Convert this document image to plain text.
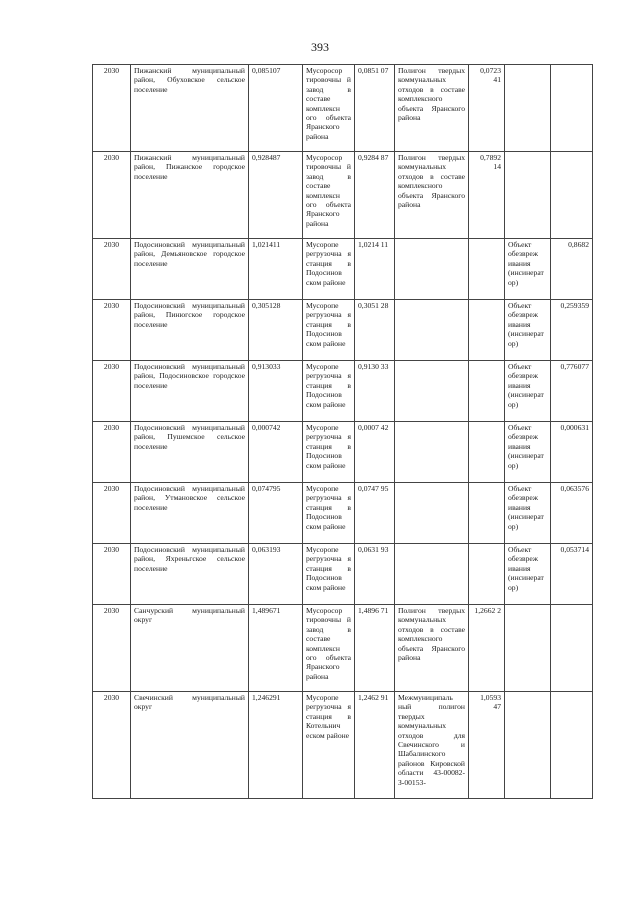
393
2030	Пижанский муниципальный район, Обуховское сельское поселение	0,085107	Мусоросор тировочны й завод в составе комплексн ого объекта Яранского района	0,0851 07	Полигон твердых коммунальных отходов в составе комплексного объекта Яранского района	0,0723 41		
2030	Пижанский муниципальный район, Пижанское городское поселение	0,928487	Мусоросор тировочны й завод в составе комплексн ого объекта Яранского района	0,9284 87	Полигон твердых коммунальных отходов в составе комплексного объекта Яранского района	0,7892 14		
2030	Подосиновский муниципальный район, Демьяновское городское поселение	1,021411	Мусоропе регрузочна я станция в Подосинов ском районе	1,0214 11			Объект обезвреж ивания (инсинерат ор)	0,8682
2030	Подосиновский муниципальный район, Пинюгское городское поселение	0,305128	Мусоропе регрузочна я станция в Подосинов ском районе	0,3051 28			Объект обезвреж ивания (инсинерат ор)	0,259359
2030	Подосиновский муниципальный район, Подосиновское городское поселение	0,913033	Мусоропе регрузочна я станция в Подосинов ском районе	0,9130 33			Объект обезвреж ивания (инсинерат ор)	0,776077
2030	Подосиновский муниципальный район, Пушемское сельское поселение	0,000742	Мусоропе регрузочна я станция в Подосинов ском районе	0,0007 42			Объект обезвреж ивания (инсинерат ор)	0,000631
2030	Подосиновский муниципальный район, Утмановское сельское поселение	0,074795	Мусоропе регрузочна я станция в Подосинов ском районе	0,0747 95			Объект обезвреж ивания (инсинерат ор)	0,063576
2030	Подосиновский муниципальный район, Яхреньгское сельское поселение	0,063193	Мусоропе регрузочна я станция в Подосинов ском районе	0,0631 93			Объект обезвреж ивания (инсинерат ор)	0,053714
2030	Санчурский муниципальный округ	1,489671	Мусоросор тировочны й завод в составе комплексн ого объекта Яранского района	1,4896 71	Полигон твердых коммунальных отходов в составе комплексного объекта Яранского района	1,2662 2		
2030	Свечинский муниципальный округ	1,246291	Мусоропе регрузочна я станция в Котельнич еском районе	1,2462 91	Межмуниципаль ный полигон твердых коммунальных отходов для Свечинского и Шабалинского районов Кировской области 43-00082-З-00153-	1,0593 47		
